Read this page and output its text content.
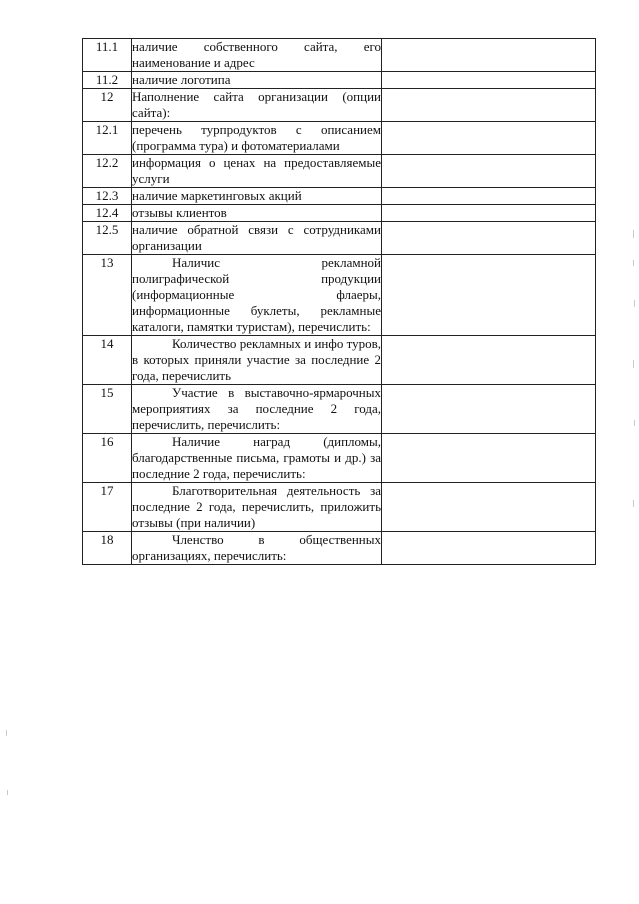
11.1	наличие собственного сайта, его наименование и адрес	
11.2	наличие логотипа	
12	Наполнение сайта организации (опции сайта):	
12.1	перечень турпродуктов с описанием (программа тура) и фотоматериалами	
12.2	информация о ценах на предоставляемые услуги	
12.3	наличие маркетинговых акций	
12.4	отзывы клиентов	
12.5	наличие обратной связи с сотрудниками организации	
13	Наличис рекламной полиграфической продукции (информационные флаеры, информационные буклеты, рекламные каталоги, памятки туристам), перечислить:	

14	Количество рекламных и инфо туров, в которых приняли участие за последние 2 года, перечислить	

15	Участие в выставочно-ярмарочных мероприятиях за последние 2 года, перечислить, перечислить:	

16	Наличие наград (дипломы, благодарственные письма, грамоты и др.) за последние 2 года, перечислить:	

17	Благотворительная деятельность за последние 2 года, перечислить, приложить отзывы (при наличии)	

18	Членство в общественных организациях, перечислить:	
